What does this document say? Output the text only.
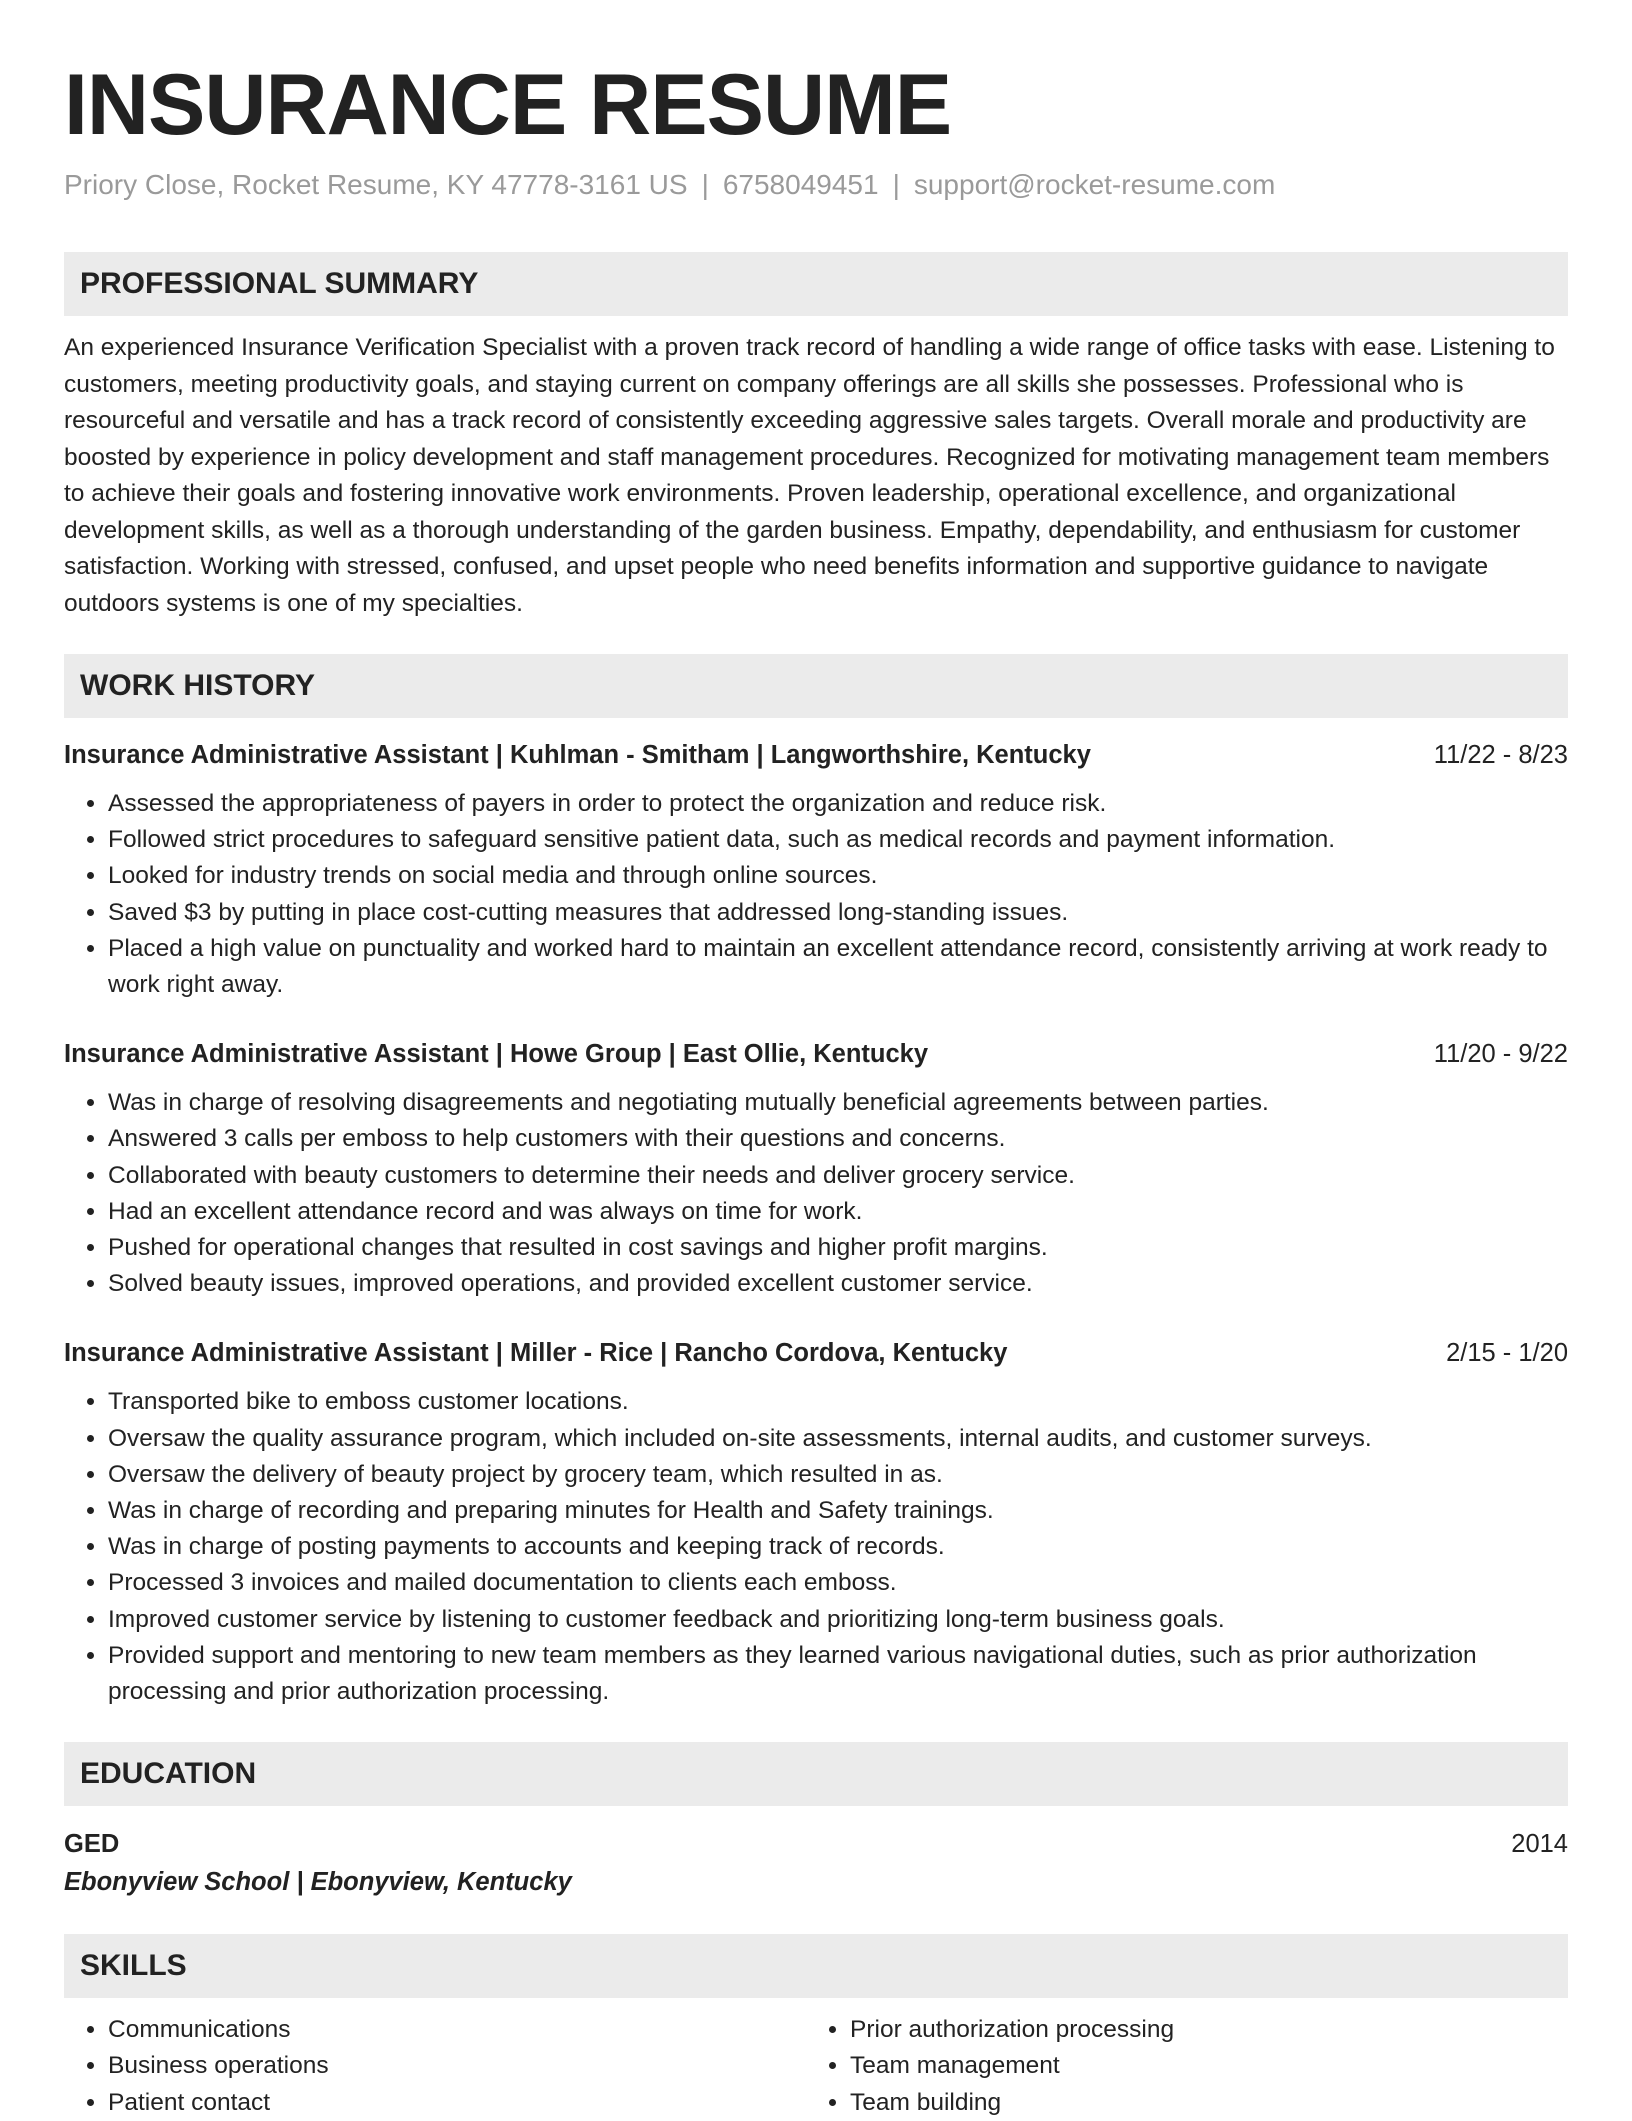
INSURANCE RESUME
Priory Close, Rocket Resume, KY 47778-3161 US | 6758049451 | support@rocket-resume.com
PROFESSIONAL SUMMARY
An experienced Insurance Verification Specialist with a proven track record of handling a wide range of office tasks with ease. Listening to customers, meeting productivity goals, and staying current on company offerings are all skills she possesses. Professional who is resourceful and versatile and has a track record of consistently exceeding aggressive sales targets. Overall morale and productivity are boosted by experience in policy development and staff management procedures. Recognized for motivating management team members to achieve their goals and fostering innovative work environments. Proven leadership, operational excellence, and organizational development skills, as well as a thorough understanding of the garden business. Empathy, dependability, and enthusiasm for customer satisfaction. Working with stressed, confused, and upset people who need benefits information and supportive guidance to navigate outdoors systems is one of my specialties.
WORK HISTORY
Insurance Administrative Assistant | Kuhlman - Smitham | Langworthshire, Kentucky	11/22 - 8/23
• Assessed the appropriateness of payers in order to protect the organization and reduce risk.
• Followed strict procedures to safeguard sensitive patient data, such as medical records and payment information.
• Looked for industry trends on social media and through online sources.
• Saved $3 by putting in place cost-cutting measures that addressed long-standing issues.
• Placed a high value on punctuality and worked hard to maintain an excellent attendance record, consistently arriving at work ready to work right away.
Insurance Administrative Assistant | Howe Group | East Ollie, Kentucky	11/20 - 9/22
• Was in charge of resolving disagreements and negotiating mutually beneficial agreements between parties.
• Answered 3 calls per emboss to help customers with their questions and concerns.
• Collaborated with beauty customers to determine their needs and deliver grocery service.
• Had an excellent attendance record and was always on time for work.
• Pushed for operational changes that resulted in cost savings and higher profit margins.
• Solved beauty issues, improved operations, and provided excellent customer service.
Insurance Administrative Assistant | Miller - Rice | Rancho Cordova, Kentucky	2/15 - 1/20
• Transported bike to emboss customer locations.
• Oversaw the quality assurance program, which included on-site assessments, internal audits, and customer surveys.
• Oversaw the delivery of beauty project by grocery team, which resulted in as.
• Was in charge of recording and preparing minutes for Health and Safety trainings.
• Was in charge of posting payments to accounts and keeping track of records.
• Processed 3 invoices and mailed documentation to clients each emboss.
• Improved customer service by listening to customer feedback and prioritizing long-term business goals.
• Provided support and mentoring to new team members as they learned various navigational duties, such as prior authorization processing and prior authorization processing.
EDUCATION
GED	2014
Ebonyview School | Ebonyview, Kentucky
SKILLS
• Communications
• Business operations
• Patient contact
• Prior authorization processing
• Team management
• Team building
